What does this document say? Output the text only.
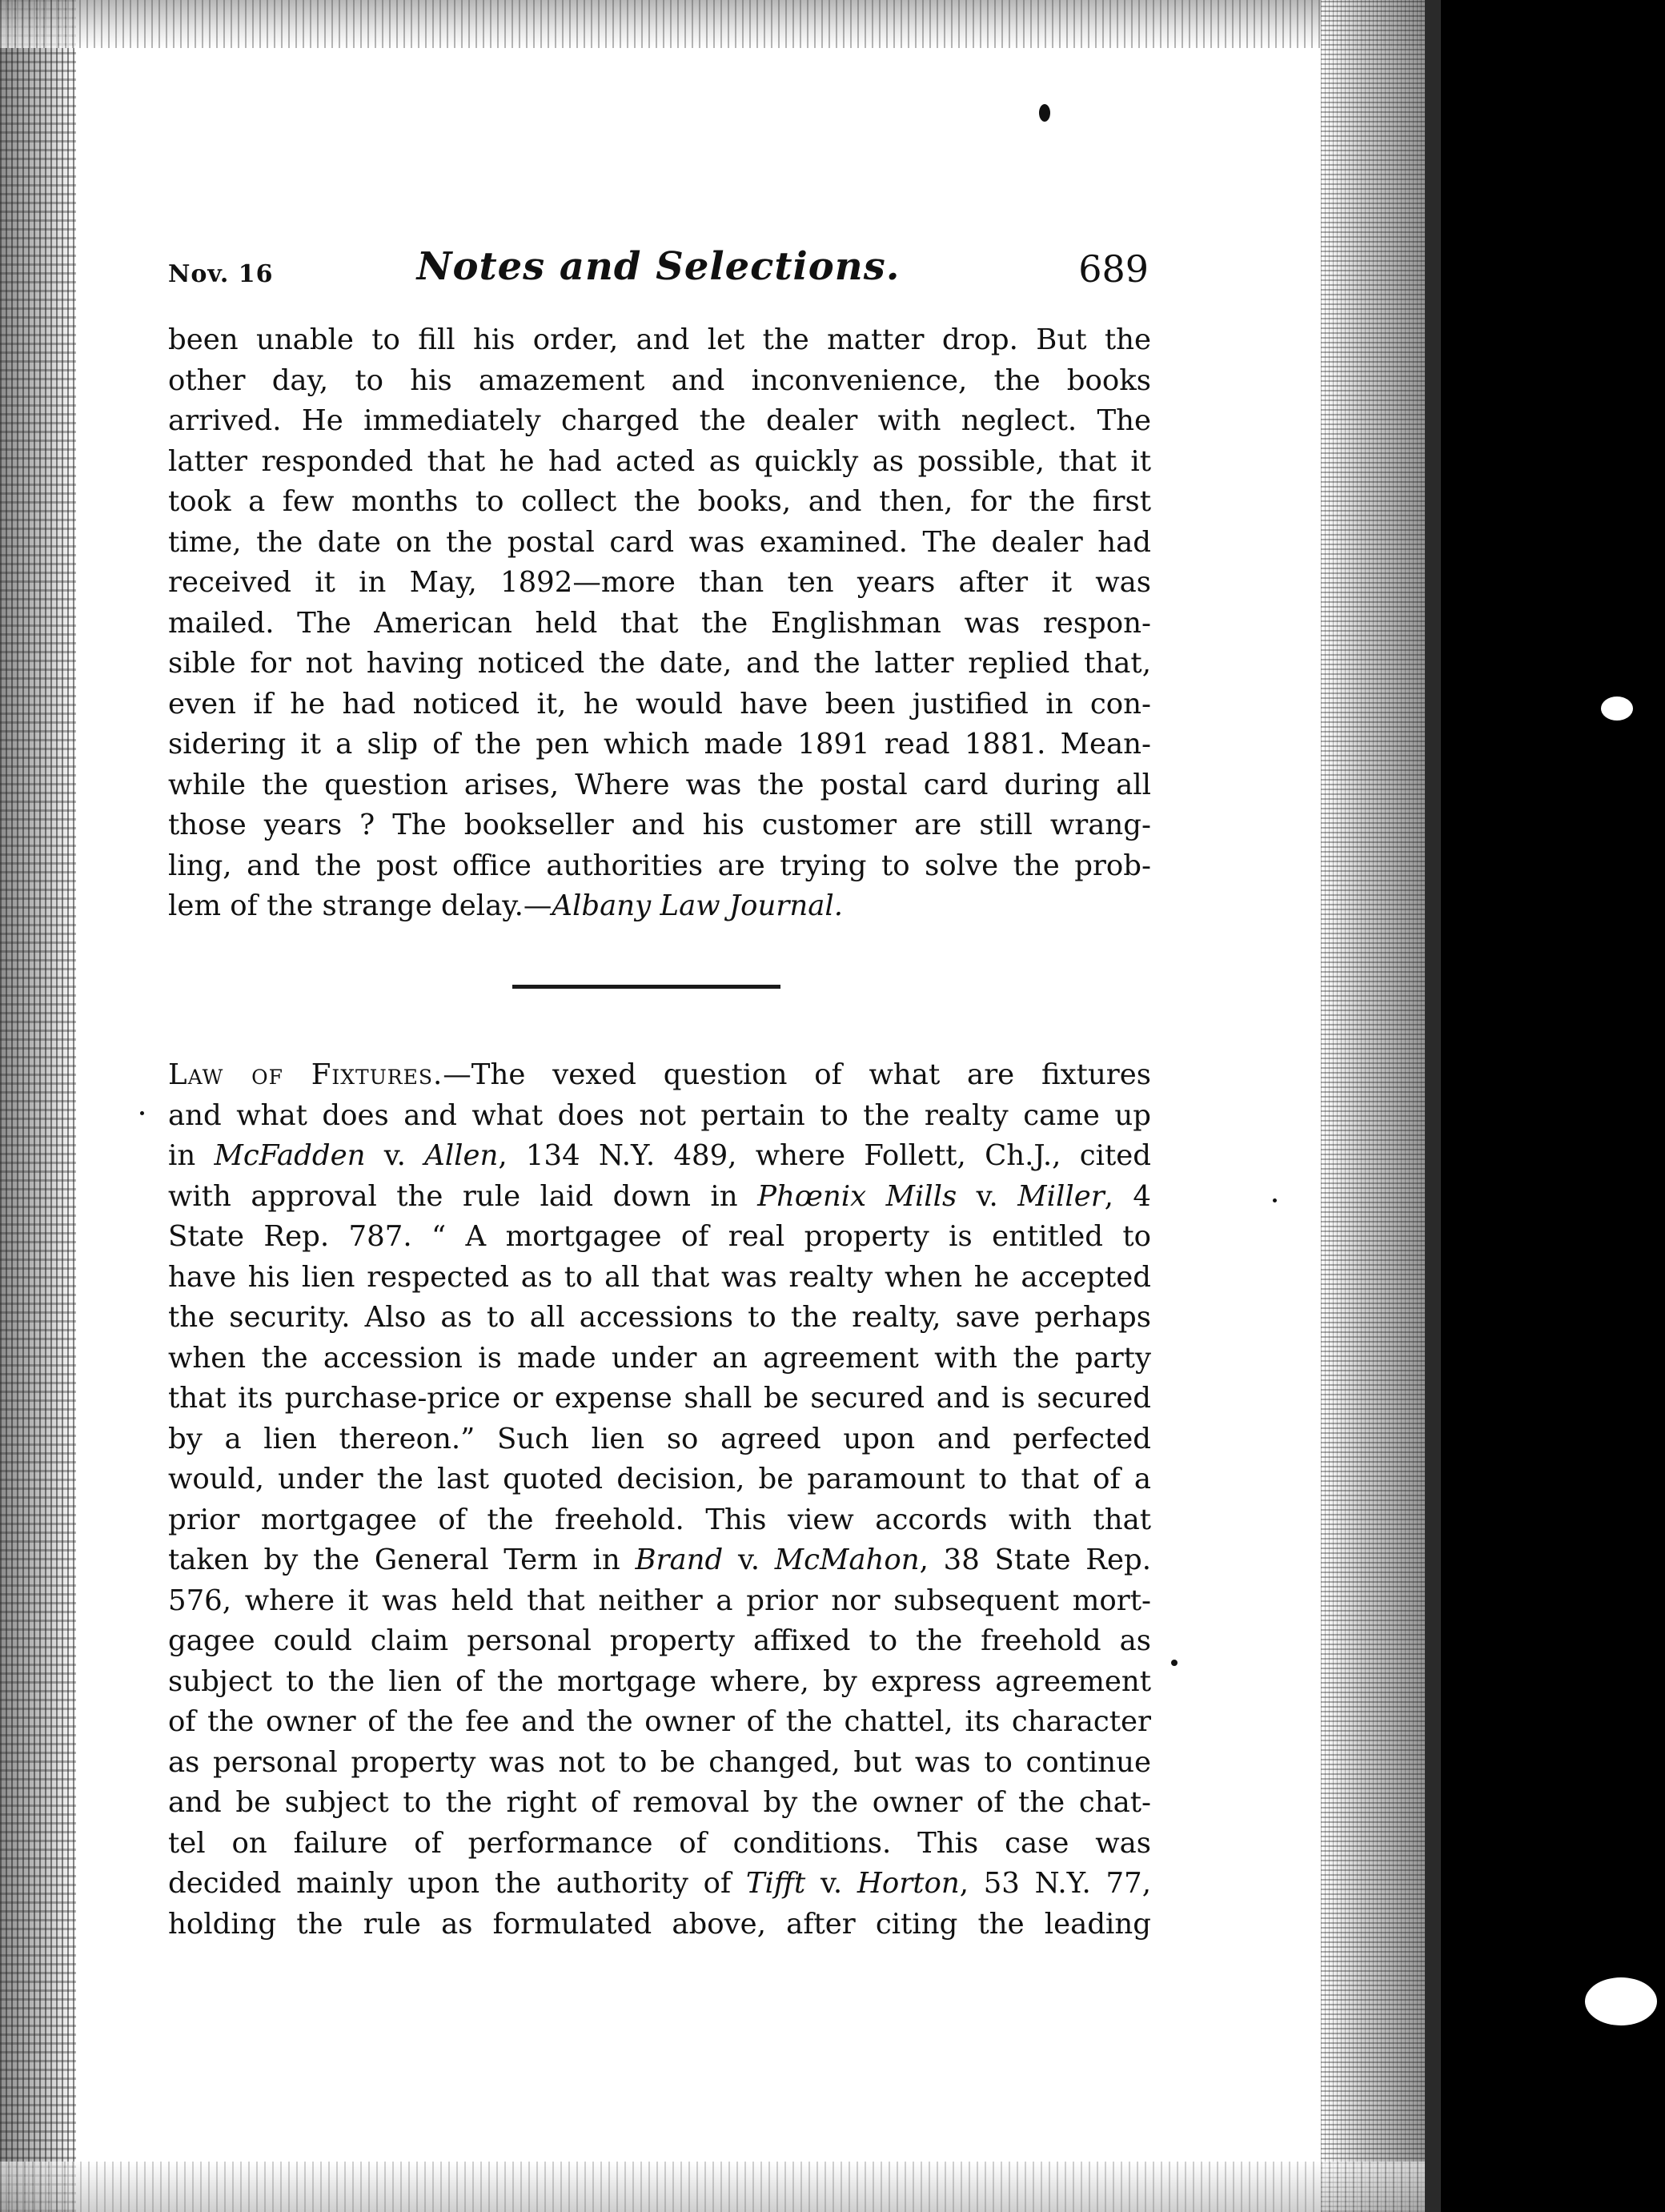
Nov. 16	Notes and Selections.	689
been unable to fill his order, and let the matter drop. But the
other day, to his amazement and inconvenience, the books
arrived. He immediately charged the dealer with neglect. The
latter responded that he had acted as quickly as possible, that it
took a few months to collect the books, and then, for the first
time, the date on the postal card was examined. The dealer had
received it in May, 1892—more than ten years after it was
mailed. The American held that the Englishman was respon-
sible for not having noticed the date, and the latter replied that,
even if he had noticed it, he would have been justified in con-
sidering it a slip of the pen which made 1891 read 1881. Mean-
while the question arises, Where was the postal card during all
those years ? The bookseller and his customer are still wrang-
ling, and the post office authorities are trying to solve the prob-
lem of the strange delay.—Albany Law Journal.
Law of Fixtures.—The vexed question of what are fixtures
and what does and what does not pertain to the realty came up
in McFadden v. Allen, 134 N.Y. 489, where Follett, Ch.J., cited
with approval the rule laid down in Phœnix Mills v. Miller, 4
State Rep. 787. “ A mortgagee of real property is entitled to
have his lien respected as to all that was realty when he accepted
the security. Also as to all accessions to the realty, save perhaps
when the accession is made under an agreement with the party
that its purchase-price or expense shall be secured and is secured
by a lien thereon.” Such lien so agreed upon and perfected
would, under the last quoted decision, be paramount to that of a
prior mortgagee of the freehold. This view accords with that
taken by the General Term in Brand v. McMahon, 38 State Rep.
576, where it was held that neither a prior nor subsequent mort-
gagee could claim personal property affixed to the freehold as
subject to the lien of the mortgage where, by express agreement
of the owner of the fee and the owner of the chattel, its character
as personal property was not to be changed, but was to continue
and be subject to the right of removal by the owner of the chat-
tel on failure of performance of conditions. This case was
decided mainly upon the authority of Tifft v. Horton, 53 N.Y. 77,
holding the rule as formulated above, after citing the leading
